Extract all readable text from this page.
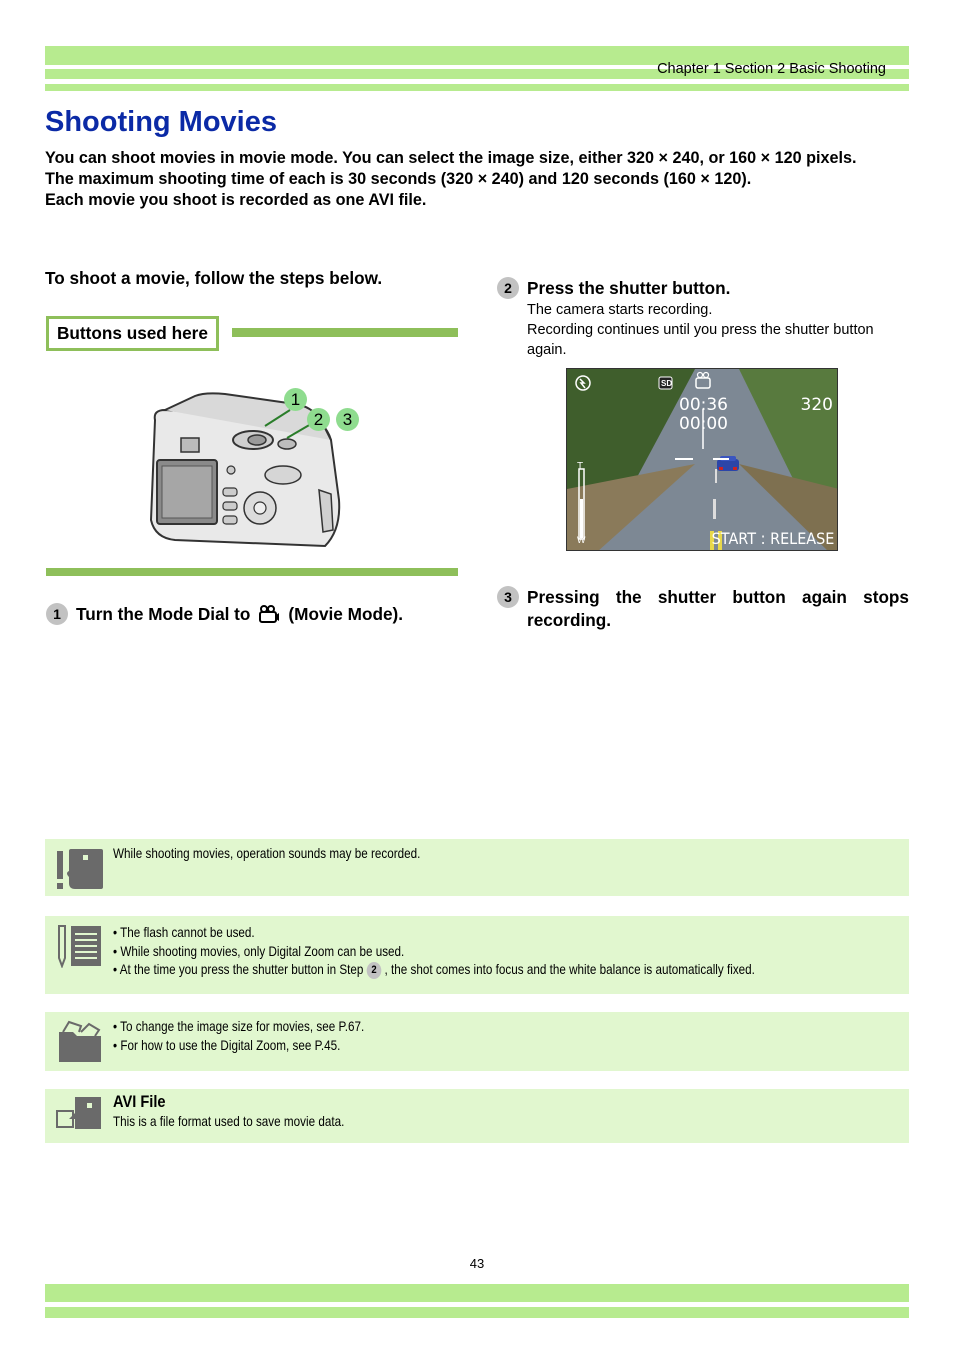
Chapter 1 Section 2 Basic Shooting
Shooting Movies

You can shoot movies in movie mode. You can select the image size, either 320 × 240, or 160 × 120 pixels.

The maximum shooting time of each is 30 seconds (320 × 240) and 120 seconds (160 × 120).

Each movie you shoot is recorded as one AVI file.

To shoot a movie, follow the steps below.
Buttons used here
1
2	3
1 Turn the Mode Dial to (Movie Mode).
2 Press the shutter button.
The camera starts recording.
Recording continues until you press the shutter button again.
SD
T
W
00:36
00:00
320
START : RELEASE
3 Pressing the shutter button again stops recording.
While shooting movies, operation sounds may be recorded.
• The flash cannot be used.
• While shooting movies, only Digital Zoom can be used.
• At the time you press the shutter button in Step 2 , the shot comes into focus and the white balance is automatically fixed.
• To change the image size for movies, see P.67.
• For how to use the Digital Zoom, see P.45.
AVI File
This is a file format used to save movie data.
43
